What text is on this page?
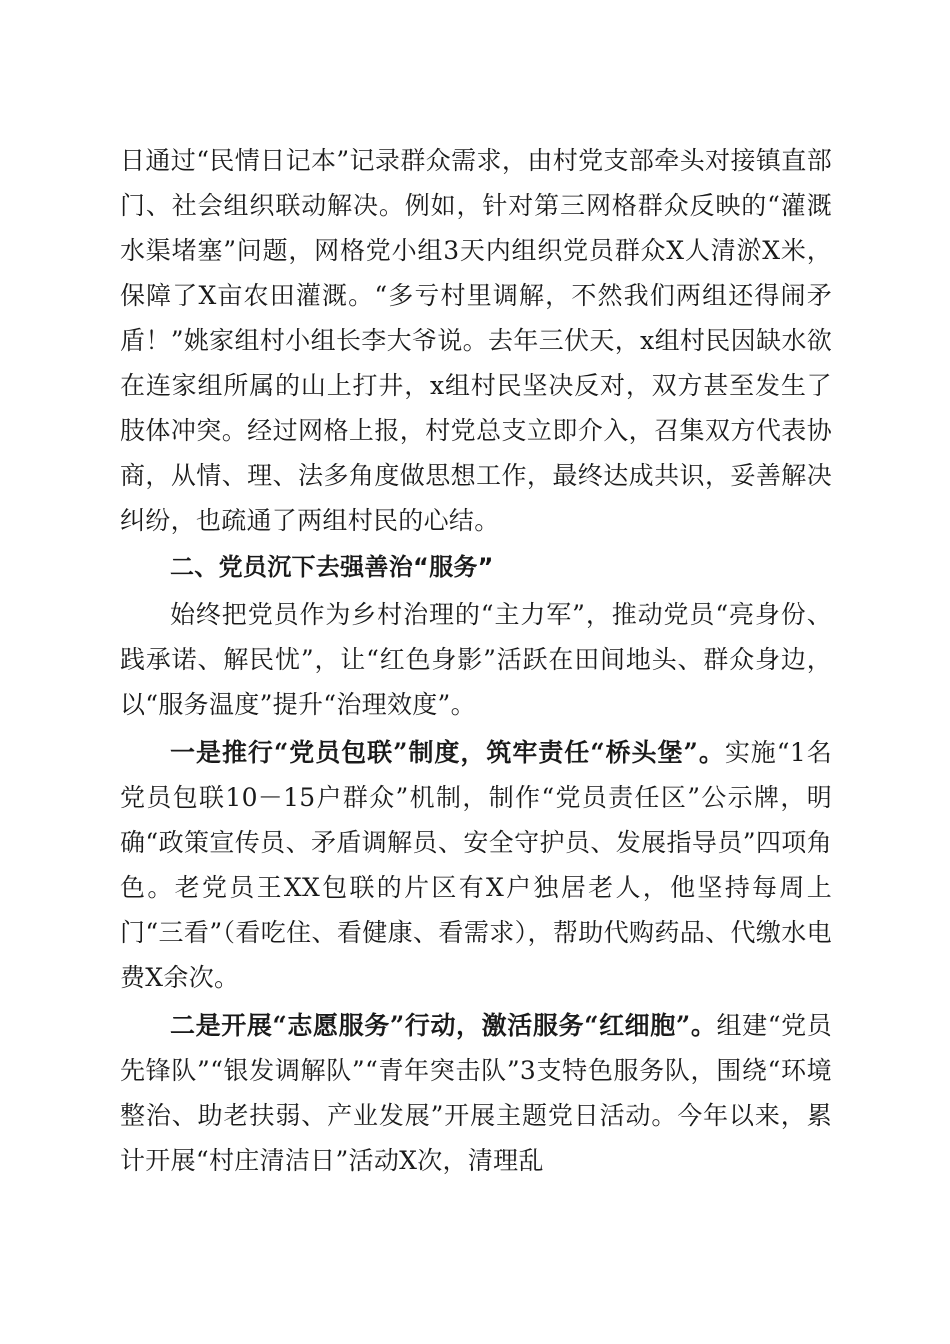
日通过“民情日记本”记录群众需求，由村党支部牵头对接镇直部门、社会组织联动解决。例如，针对第三网格群众反映的“灌溉水渠堵塞”问题，网格党小组3天内组织党员群众X人清淤X米，保障了X亩农田灌溉。“多亏村里调解，不然我们两组还得闹矛盾！”姚家组村小组长李大爷说。去年三伏天，x组村民因缺水欲在连家组所属的山上打井，x组村民坚决反对，双方甚至发生了肢体冲突。经过网格上报，村党总支立即介入，召集双方代表协商，从情、理、法多角度做思想工作，最终达成共识，妥善解决纠纷，也疏通了两组村民的心结。

二、党员沉下去强善治“服务”

始终把党员作为乡村治理的“主力军”，推动党员“亮身份、践承诺、解民忧”，让“红色身影”活跃在田间地头、群众身边，以“服务温度”提升“治理效度”。

一是推行“党员包联”制度，筑牢责任“桥头堡”。实施“1名党员包联10－15户群众”机制，制作“党员责任区”公示牌，明确“政策宣传员、矛盾调解员、安全守护员、发展指导员”四项角色。老党员王XX包联的片区有X户独居老人，他坚持每周上门“三看”（看吃住、看健康、看需求），帮助代购药品、代缴水电费X余次。

二是开展“志愿服务”行动，激活服务“红细胞”。组建“党员先锋队”“银发调解队”“青年突击队”3支特色服务队，围绕“环境整治、助老扶弱、产业发展”开展主题党日活动。今年以来，累计开展“村庄清洁日”活动X次，清理乱
